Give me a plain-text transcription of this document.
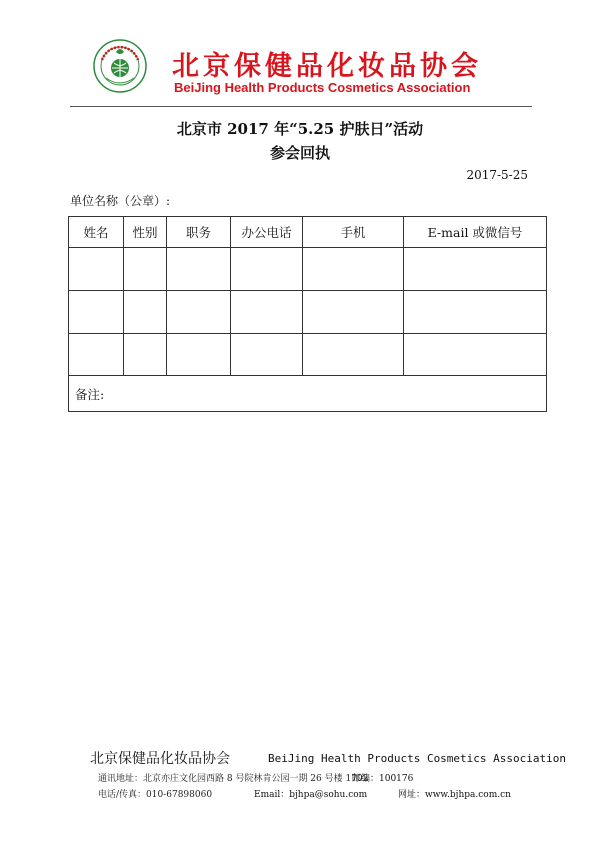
北京保健品化妆品协会
BeiJing Health Products Cosmetics Association
北京市 2017 年“5.25 护肤日”活动
参会回执
2017-5-25
单位名称（公章）:
姓名	性别	职务	办公电话	手机	E-mail 或微信号

备注:					
北京保健品化妆品协会	BeiJing Health Products Cosmetics Association
通讯地址：北京亦庄文化园西路 8 号院林肯公园一期 26 号楼 1702
邮编：100176
电话/传真：010-67898060	Email：bjhpa@sohu.com	网址：www.bjhpa.com.cn
